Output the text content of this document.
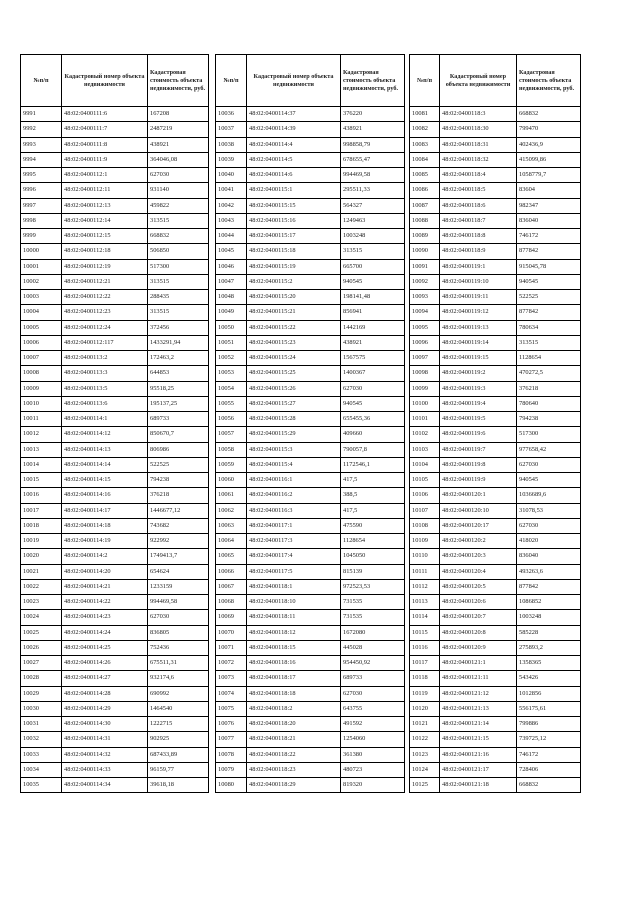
№п/п	Кадастровый номер объекта недвижимости	Кадастровая стоимость объекта недвижимости, руб.
9991	48:02:0400111:6	167208
9992	48:02:0400111:7	2487219
9993	48:02:0400111:8	438921
9994	48:02:0400111:9	364046,08
9995	48:02:0400112:1	627030
9996	48:02:0400112:11	931140
9997	48:02:0400112:13	459822
9998	48:02:0400112:14	313515
9999	48:02:0400112:15	668832
10000	48:02:0400112:18	506850
10001	48:02:0400112:19	517300
10002	48:02:0400112:21	313515
10003	48:02:0400112:22	288435
10004	48:02:0400112:23	313515
10005	48:02:0400112:24	372456
10006	48:02:0400112:117	1433291,94
10007	48:02:0400113:2	172463,2
10008	48:02:0400113:3	644853
10009	48:02:0400113:5	95518,25
10010	48:02:0400113:6	195137,25
10011	48:02:0400114:1	689733
10012	48:02:0400114:12	850670,7
10013	48:02:0400114:13	806986
10014	48:02:0400114:14	522525
10015	48:02:0400114:15	794238
10016	48:02:0400114:16	376218
10017	48:02:0400114:17	1446677,12
10018	48:02:0400114:18	743682
10019	48:02:0400114:19	922992
10020	48:02:0400114:2	1749413,7
10021	48:02:0400114:20	654624
10022	48:02:0400114:21	1233159
10023	48:02:0400114:22	994469,58
10024	48:02:0400114:23	627030
10025	48:02:0400114:24	836805
10026	48:02:0400114:25	752436
10027	48:02:0400114:26	675511,31
10028	48:02:0400114:27	932174,6
10029	48:02:0400114:28	690992
10030	48:02:0400114:29	1464540
10031	48:02:0400114:30	1222715
10032	48:02:0400114:31	902925
10033	48:02:0400114:32	687433,89
10034	48:02:0400114:33	96159,77
10035	48:02:0400114:34	39618,18
№п/п	Кадастровый номер объекта недвижимости	Кадастровая стоимость объекта недвижимости, руб.
10036	48:02:0400114:37	376220
10037	48:02:0400114:39	438921
10038	48:02:0400114:4	998858,79
10039	48:02:0400114:5	678655,47
10040	48:02:0400114:6	994469,58
10041	48:02:0400115:1	295511,33
10042	48:02:0400115:15	564327
10043	48:02:0400115:16	1249463
10044	48:02:0400115:17	1003248
10045	48:02:0400115:18	313515
10046	48:02:0400115:19	665700
10047	48:02:0400115:2	940545
10048	48:02:0400115:20	198141,48
10049	48:02:0400115:21	856941
10050	48:02:0400115:22	1442169
10051	48:02:0400115:23	438921
10052	48:02:0400115:24	1567575
10053	48:02:0400115:25	1400367
10054	48:02:0400115:26	627030
10055	48:02:0400115:27	940545
10056	48:02:0400115:28	655455,36
10057	48:02:0400115:29	409660
10058	48:02:0400115:3	790057,8
10059	48:02:0400115:4	1172546,1
10060	48:02:0400116:1	417,5
10061	48:02:0400116:2	388,5
10062	48:02:0400116:3	417,5
10063	48:02:0400117:1	475590
10064	48:02:0400117:3	1128654
10065	48:02:0400117:4	1045050
10066	48:02:0400117:5	815139
10067	48:02:0400118:1	972523,53
10068	48:02:0400118:10	731535
10069	48:02:0400118:11	731535
10070	48:02:0400118:12	1672080
10071	48:02:0400118:15	445028
10072	48:02:0400118:16	954450,92
10073	48:02:0400118:17	689733
10074	48:02:0400118:18	627030
10075	48:02:0400118:2	643755
10076	48:02:0400118:20	491592
10077	48:02:0400118:21	1254060
10078	48:02:0400118:22	361380
10079	48:02:0400118:23	480723
10080	48:02:0400118:29	819320
№п/п	Кадастровый номер объекта недвижимости	Кадастровая стоимость объекта недвижимости, руб.
10081	48:02:0400118:3	668832
10082	48:02:0400118:30	799470
10083	48:02:0400118:31	402436,9
10084	48:02:0400118:32	415099,86
10085	48:02:0400118:4	1058779,7
10086	48:02:0400118:5	83604
10087	48:02:0400118:6	982347
10088	48:02:0400118:7	836040
10089	48:02:0400118:8	746172
10090	48:02:0400118:9	877842
10091	48:02:0400119:1	915045,78
10092	48:02:0400119:10	940545
10093	48:02:0400119:11	522525
10094	48:02:0400119:12	877842
10095	48:02:0400119:13	780634
10096	48:02:0400119:14	313515
10097	48:02:0400119:15	1128654
10098	48:02:0400119:2	470272,5
10099	48:02:0400119:3	376218
10100	48:02:0400119:4	780640
10101	48:02:0400119:5	794238
10102	48:02:0400119:6	517300
10103	48:02:0400119:7	977658,42
10104	48:02:0400119:8	627030
10105	48:02:0400119:9	940545
10106	48:02:0400120:1	1036689,6
10107	48:02:0400120:10	31078,53
10108	48:02:0400120:17	627030
10109	48:02:0400120:2	418020
10110	48:02:0400120:3	836040
10111	48:02:0400120:4	493263,6
10112	48:02:0400120:5	877842
10113	48:02:0400120:6	1086852
10114	48:02:0400120:7	1003248
10115	48:02:0400120:8	585228
10116	48:02:0400120:9	275893,2
10117	48:02:0400121:1	1358365
10118	48:02:0400121:11	543426
10119	48:02:0400121:12	1012856
10120	48:02:0400121:13	556175,61
10121	48:02:0400121:14	799886
10122	48:02:0400121:15	739725,12
10123	48:02:0400121:16	746172
10124	48:02:0400121:17	728406
10125	48:02:0400121:18	668832
